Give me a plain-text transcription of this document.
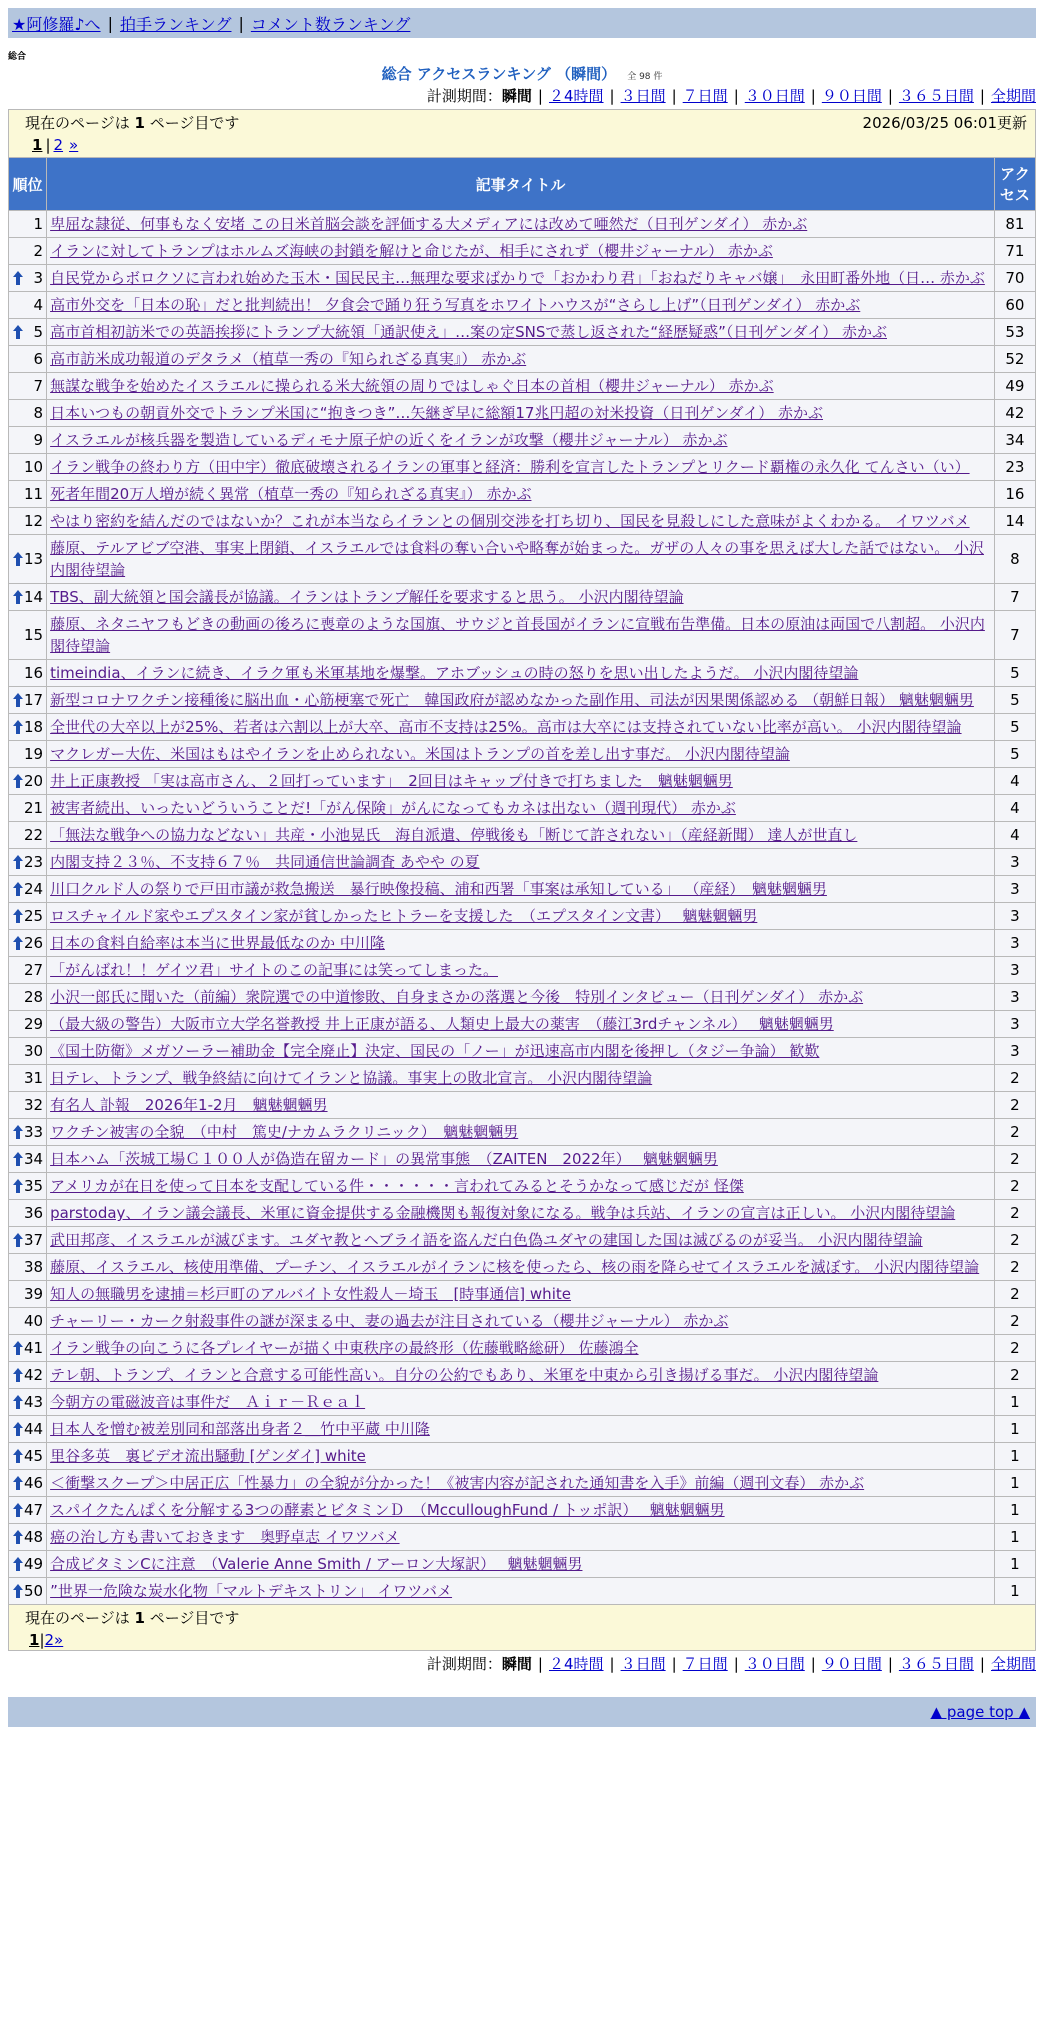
★阿修羅♪へ | 拍手ランキング | コメント数ランキング
総合
総合 アクセスランキング （瞬間） 全 98 件
計測期間：瞬間 | ２4時間 | ３日間 | ７日間 | ３０日間 | ９０日間 | ３６５日間 | 全期間
現在のページは 1 ページ目です	2026/03/25 06:01更新
1 | 2 »
順位	記事タイトル	アクセス
1	卑屈な隷従、何事もなく安堵 この日米首脳会談を評価する大メディアには改めて唖然だ（日刊ゲンダイ） 赤かぶ	81
2	イランに対してトランプはホルムズ海峡の封鎖を解けと命じたが、相手にされず（櫻井ジャーナル） 赤かぶ	71

3	自民党からボロクソに言われ始めた玉木・国民民主…無理な要求ばかりで「おかわり君」「おねだりキャバ嬢」　永田町番外地（日… 赤かぶ	70
4	高市外交を「日本の恥」だと批判続出！ 夕食会で踊り狂う写真をホワイトハウスが“さらし上げ”（日刊ゲンダイ） 赤かぶ	60

5	高市首相初訪米での英語挨拶にトランプ大統領「通訳使え」…案の定SNSで蒸し返された“経歴疑惑”（日刊ゲンダイ） 赤かぶ	53
6	高市訪米成功報道のデタラメ（植草一秀の『知られざる真実』） 赤かぶ	52
7	無謀な戦争を始めたイスラエルに操られる米大統領の周りではしゃぐ日本の首相（櫻井ジャーナル） 赤かぶ	49
8	日本いつもの朝貢外交でトランプ米国に“抱きつき”…矢継ぎ早に総額17兆円超の対米投資（日刊ゲンダイ） 赤かぶ	42
9	イスラエルが核兵器を製造しているディモナ原子炉の近くをイランが攻撃（櫻井ジャーナル） 赤かぶ	34
10	イラン戦争の終わり方（田中宇）徹底破壊されるイランの軍事と経済：勝利を宣言したトランプとリクード覇権の永久化 てんさい（い）	23
11	死者年間20万人増が続く異常（植草一秀の『知られざる真実』） 赤かぶ	16
12	やはり密約を結んだのではないか？これが本当ならイランとの個別交渉を打ち切り、国民を見殺しにした意味がよくわかる。 イワツバメ	14

13	藤原、テルアビブ空港、事実上閉鎖、イスラエルでは食料の奪い合いや略奪が始まった。ガザの人々の事を思えば大した話ではない。 小沢内閣待望論	8

14	TBS、副大統領と国会議長が協議。イランはトランプ解任を要求すると思う。 小沢内閣待望論	7
15	藤原、ネタニヤフもどきの動画の後ろに喪章のような国旗、サウジと首長国がイランに宣戦布告準備。日本の原油は両国で八割超。 小沢内閣待望論	7
16	timeindia、イランに続き、イラク軍も米軍基地を爆撃。アホブッシュの時の怒りを思い出したようだ。 小沢内閣待望論	5

17	新型コロナワクチン接種後に脳出血・心筋梗塞で死亡　韓国政府が認めなかった副作用、司法が因果関係認める （朝鮮日報） 魑魅魍魎男	5

18	全世代の大卒以上が25%、若者は六割以上が大卒、高市不支持は25%。高市は大卒には支持されていない比率が高い。 小沢内閣待望論	5
19	マクレガー大佐、米国はもはやイランを止められない。米国はトランプの首を差し出す事だ。 小沢内閣待望論	5

20	井上正康教授 「実は高市さん、２回打っています」　2回目はキャップ付きで打ちました　魑魅魍魎男	4
21	被害者続出、いったいどういうことだ!「がん保険」がんになってもカネは出ない（週刊現代） 赤かぶ	4
22	「無法な戦争への協力などない」共産・小池晃氏　海自派遣、停戦後も「断じて許されない」（産経新聞） 達人が世直し	4

23	内閣支持２３％、不支持６７％　共同通信世論調査 あやや の夏	3

24	川口クルド人の祭りで戸田市議が救急搬送　暴行映像投稿、浦和西署「事案は承知している」 （産経）　魑魅魍魎男	3

25	ロスチャイルド家やエプスタイン家が貧しかったヒトラーを支援した　（エプスタイン文書）　 魑魅魍魎男	3

26	日本の食料自給率は本当に世界最低なのか 中川隆	3
27	「がんばれ！！ゲイツ君」サイトのこの記事には笑ってしまった。	3
28	小沢一郎氏に聞いた（前編）衆院選での中道惨敗、自身まさかの落選と今後　特別インタビュー（日刊ゲンダイ） 赤かぶ	3
29	（最大級の警告）大阪市立大学名誉教授 井上正康が語る、人類史上最大の薬害　（藤江3rdチャンネル）　 魑魅魍魎男	3
30	《国土防衛》メガソーラー補助金【完全廃止】決定、国民の「ノー」が迅速高市内閣を後押し（タジー争論） 歓歎	3
31	日テレ、トランプ、戦争終結に向けてイランと協議。事実上の敗北宣言。 小沢内閣待望論	2
32	有名人 訃報　2026年1-2月　魑魅魍魎男	2

33	ワクチン被害の全貌　（中村　篤史/ナカムラクリニック）　魑魅魍魎男	2

34	日本ハム「茨城工場Ｃ１００人が偽造在留カード」の異常事態　（ZAITEN　2022年）　 魑魅魍魎男	2

35	アメリカが在日を使って日本を支配している件・・・・・・言われてみるとそうかなって感じだが 怪傑	2
36	parstoday、イラン議会議長、米軍に資金提供する金融機関も報復対象になる。戦争は兵站、イランの宣言は正しい。 小沢内閣待望論	2

37	武田邦彦、イスラエルが滅びます。ユダヤ教とヘブライ語を盗んだ白色偽ユダヤの建国した国は滅びるのが妥当。 小沢内閣待望論	2
38	藤原、イスラエル、核使用準備、プーチン、イスラエルがイランに核を使ったら、核の雨を降らせてイスラエルを滅ぼす。 小沢内閣待望論	2
39	知人の無職男を逮捕＝杉戸町のアルバイト女性殺人－埼玉　[時事通信] white	2
40	チャーリー・カーク射殺事件の謎が深まる中、妻の過去が注目されている（櫻井ジャーナル） 赤かぶ	2

41	イラン戦争の向こうに各プレイヤーが描く中東秩序の最終形（佐藤戦略総研） 佐藤鴻全	2

42	テレ朝、トランプ、イランと合意する可能性高い。自分の公約でもあり、米軍を中東から引き揚げる事だ。 小沢内閣待望論	2

43	今朝方の電磁波音は事件だ　Ａｉｒ－Ｒｅａｌ	1

44	日本人を憎む被差別同和部落出身者２＿竹中平蔵 中川隆	1

45	里谷多英　裏ビデオ流出騒動 [ゲンダイ] white	1

46	＜衝撃スクープ＞中居正広「性暴力」の全貌が分かった！《被害内容が記された通知書を入手》前編（週刊文春） 赤かぶ	1

47	スパイクたんぱくを分解する3つの酵素とビタミンＤ　（McculloughFund / トッポ訳）　 魑魅魍魎男	1

48	癌の治し方も書いておきます　奥野卓志 イワツバメ	1

49	合成ビタミンCに注意　（Valerie Anne Smith / アーロン大塚訳）　 魑魅魍魎男	1

50	”世界一危険な炭水化物「マルトデキストリン」 イワツバメ	1
現在のページは 1 ページ目です
1|2»
計測期間：瞬間 | ２4時間 | ３日間 | ７日間 | ３０日間 | ９０日間 | ３６５日間 | 全期間
▲ page top ▲
